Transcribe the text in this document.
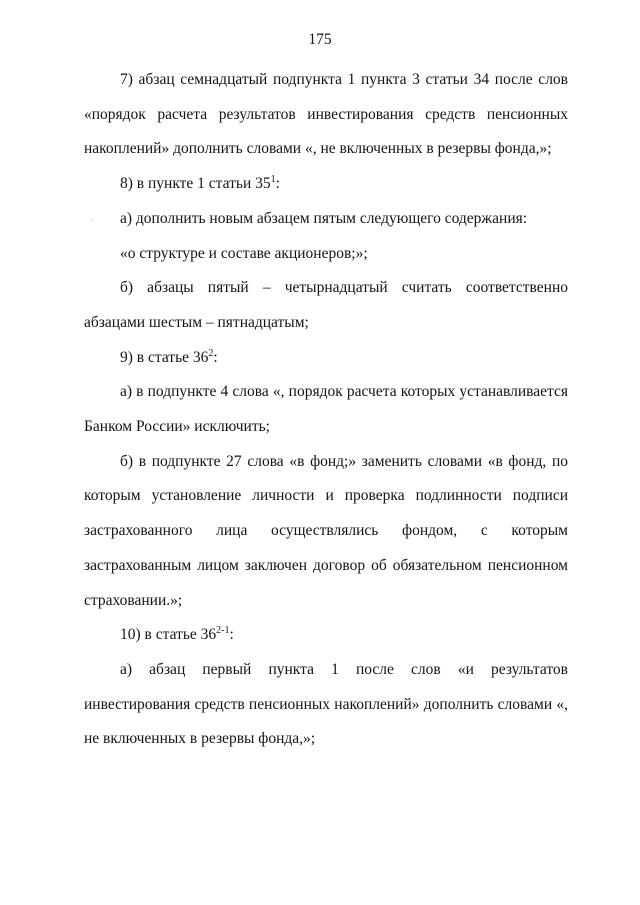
175

7) абзац семнадцатый подпункта 1 пункта 3 статьи 34 после слов «порядок расчета результатов инвестирования средств пенсионных накоплений» дополнить словами «, не включенных в резервы фонда,»;

8) в пункте 1 статьи $35^1$:

а) дополнить новым абзацем пятым следующего содержания:

«о структуре и составе акционеров;»;

б) абзацы пятый – четырнадцатый считать соответственно абзацами шестым – пятнадцатым;

9) в статье $36^2$:

а) в подпункте 4 слова «, порядок расчета которых устанавливается Банком России» исключить;

б) в подпункте 27 слова «в фонд;» заменить словами «в фонд, по которым установление личности и проверка подлинности подписи застрахованного лица осуществлялись фондом, с которым застрахованным лицом заключен договор об обязательном пенсионном страховании.»;

10) в статье 36$^{2-1}$:

а) абзац первый пункта 1 после слов «и результатов инвестирования средств пенсионных накоплений» дополнить словами «, не включенных в резервы фонда,»;
